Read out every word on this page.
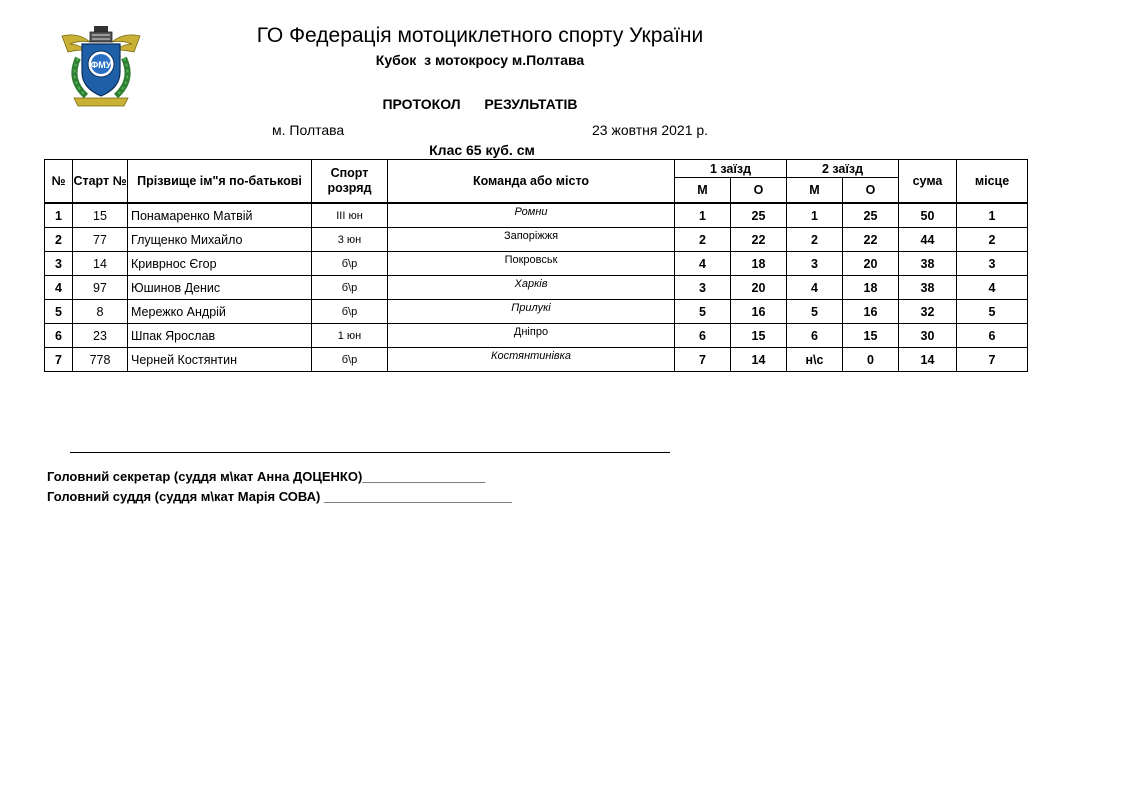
ФМУ
ГО Федерація мотоциклетного спорту України
Кубок  з мотокросу м.Полтава
ПРОТОКОЛ  РЕЗУЛЬТАТІВ
м. Полтава	23 жовтня 2021 р.
Клас 65 куб. см
№	Старт №	Прізвище ім"я по-батькові	Спорт розряд	Команда або місто	1 заїзд		2 заїзд		сума	місце
					М	О	М	О		
1	15	Понамаренко Матвій	ІІІ юн	Ромни	1	25	1	25	50	1
2	77	Глущенко Михайло	3 юн	Запоріжжя	2	22	2	22	44	2
3	14	Криврнос Єгор	б\р	Покровськ	4	18	3	20	38	3
4	97	Юшинов Денис	б\р	Харків	3	20	4	18	38	4
5	8	Мережко Андрій	б\р	Прилукі	5	16	5	16	32	5
6	23	Шпак Ярослав	1 юн	Дніпро	6	15	6	15	30	6
7	778	Черней Костянтин	б\р	Костянтинівка	7	14	н\с	0	14	7
Головний секретар (суддя м\кат Анна ДОЦЕНКО)_________________
Головний суддя (суддя м\кат Марія СОВА) __________________________
